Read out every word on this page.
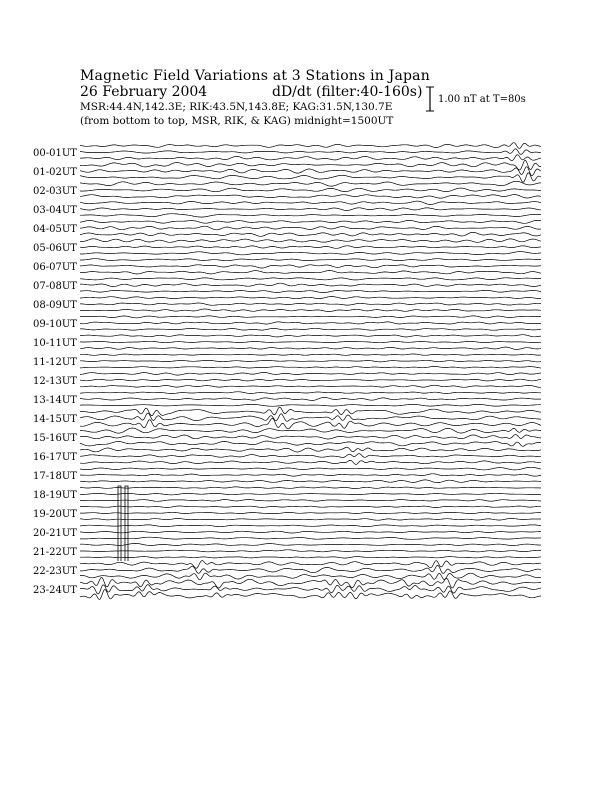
Magnetic Field Variations at 3 Stations in Japan
26 February 2004	dD/dt (filter:40-160s)
MSR:44.4N,142.3E; RIK:43.5N,143.8E; KAG:31.5N,130.7E
(from bottom to top, MSR, RIK, & KAG) midnight=1500UT
1.00 nT at T=80s
00-01UT
01-02UT
02-03UT
03-04UT
04-05UT
05-06UT
06-07UT
07-08UT
08-09UT
09-10UT
10-11UT
11-12UT
12-13UT
13-14UT
14-15UT
15-16UT
16-17UT
17-18UT
18-19UT
19-20UT
20-21UT
21-22UT
22-23UT
23-24UT
